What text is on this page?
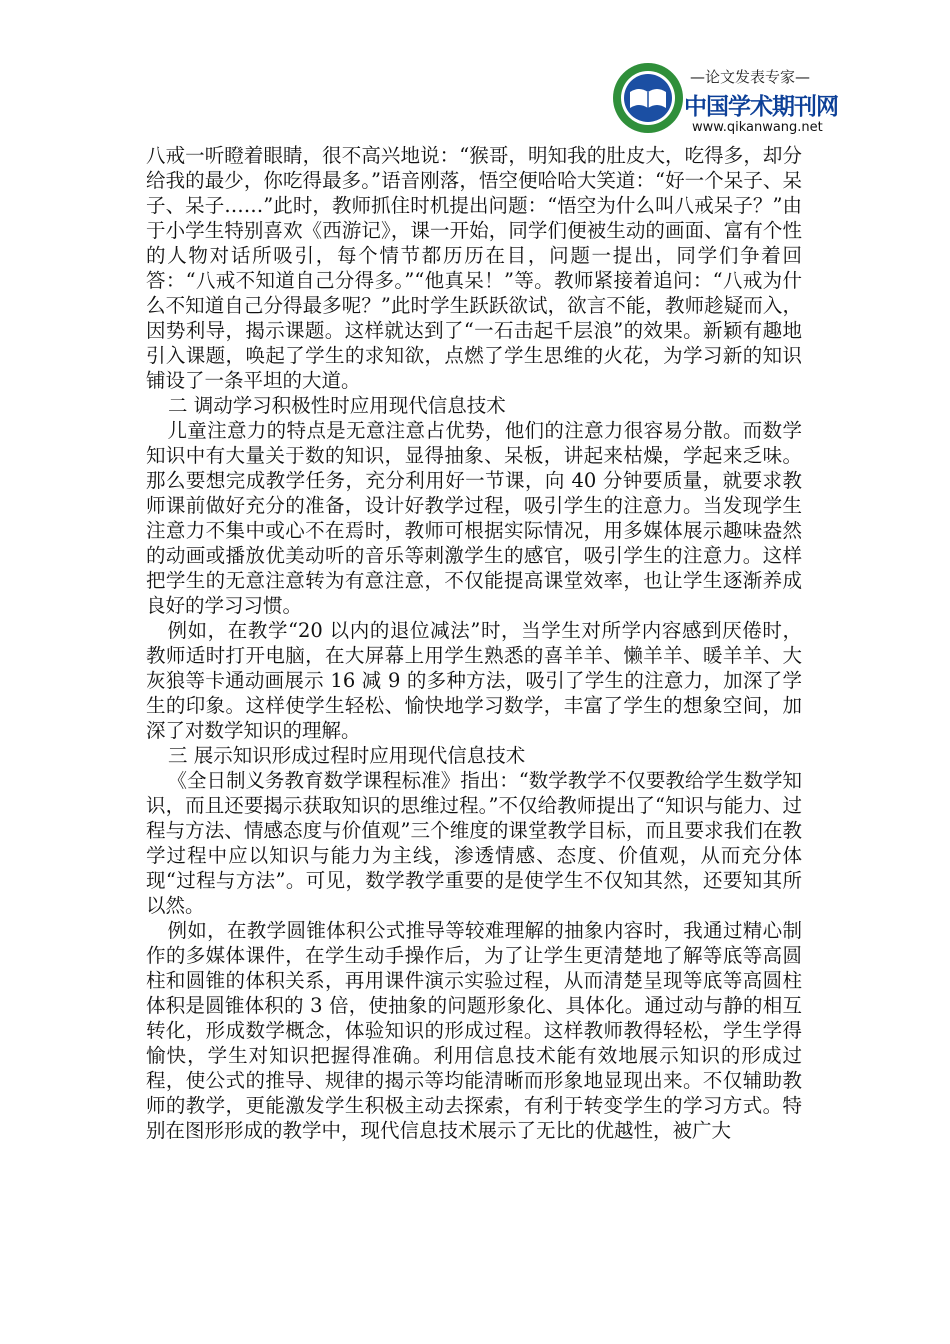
—论文发表专家—
中国学术期刊网
www.qikanwang.net

八戒一听瞪着眼睛，很不高兴地说：“猴哥，明知我的肚皮大，吃得多，却分给我的最少，你吃得最多。”语音刚落，悟空便哈哈大笑道：“好一个呆子、呆子、呆子……”此时，教师抓住时机提出问题：“悟空为什么叫八戒呆子？”由于小学生特别喜欢《西游记》，课一开始，同学们便被生动的画面、富有个性的人物对话所吸引，每个情节都历历在目，问题一提出，同学们争着回答：“八戒不知道自己分得多。”“他真呆！”等。教师紧接着追问：“八戒为什么不知道自己分得最多呢？”此时学生跃跃欲试，欲言不能，教师趁疑而入，因势利导，揭示课题。这样就达到了“一石击起千层浪”的效果。新颖有趣地引入课题，唤起了学生的求知欲，点燃了学生思维的火花，为学习新的知识铺设了一条平坦的大道。

二 调动学习积极性时应用现代信息技术

儿童注意力的特点是无意注意占优势，他们的注意力很容易分散。而数学知识中有大量关于数的知识，显得抽象、呆板，讲起来枯燥，学起来乏味。那么要想完成教学任务，充分利用好一节课，向 40 分钟要质量，就要求教师课前做好充分的准备，设计好教学过程，吸引学生的注意力。当发现学生注意力不集中或心不在焉时，教师可根据实际情况，用多媒体展示趣味盎然的动画或播放优美动听的音乐等刺激学生的感官，吸引学生的注意力。这样把学生的无意注意转为有意注意，不仅能提高课堂效率，也让学生逐渐养成良好的学习习惯。

例如，在教学“20 以内的退位减法”时，当学生对所学内容感到厌倦时，教师适时打开电脑，在大屏幕上用学生熟悉的喜羊羊、懒羊羊、暖羊羊、大灰狼等卡通动画展示 16 减 9 的多种方法，吸引了学生的注意力，加深了学生的印象。这样使学生轻松、愉快地学习数学，丰富了学生的想象空间，加深了对数学知识的理解。

三 展示知识形成过程时应用现代信息技术

《全日制义务教育数学课程标准》指出：“数学教学不仅要教给学生数学知识，而且还要揭示获取知识的思维过程。”不仅给教师提出了“知识与能力、过程与方法、情感态度与价值观”三个维度的课堂教学目标，而且要求我们在教学过程中应以知识与能力为主线，渗透情感、态度、价值观，从而充分体现“过程与方法”。可见，数学教学重要的是使学生不仅知其然，还要知其所以然。

例如，在教学圆锥体积公式推导等较难理解的抽象内容时，我通过精心制作的多媒体课件，在学生动手操作后，为了让学生更清楚地了解等底等高圆柱和圆锥的体积关系，再用课件演示实验过程，从而清楚呈现等底等高圆柱体积是圆锥体积的 3 倍，使抽象的问题形象化、具体化。通过动与静的相互转化，形成数学概念，体验知识的形成过程。这样教师教得轻松，学生学得愉快，学生对知识把握得准确。利用信息技术能有效地展示知识的形成过程，使公式的推导、规律的揭示等均能清晰而形象地显现出来。不仅辅助教师的教学，更能激发学生积极主动去探索，有利于转变学生的学习方式。特别在图形形成的教学中，现代信息技术展示了无比的优越性，被广大
